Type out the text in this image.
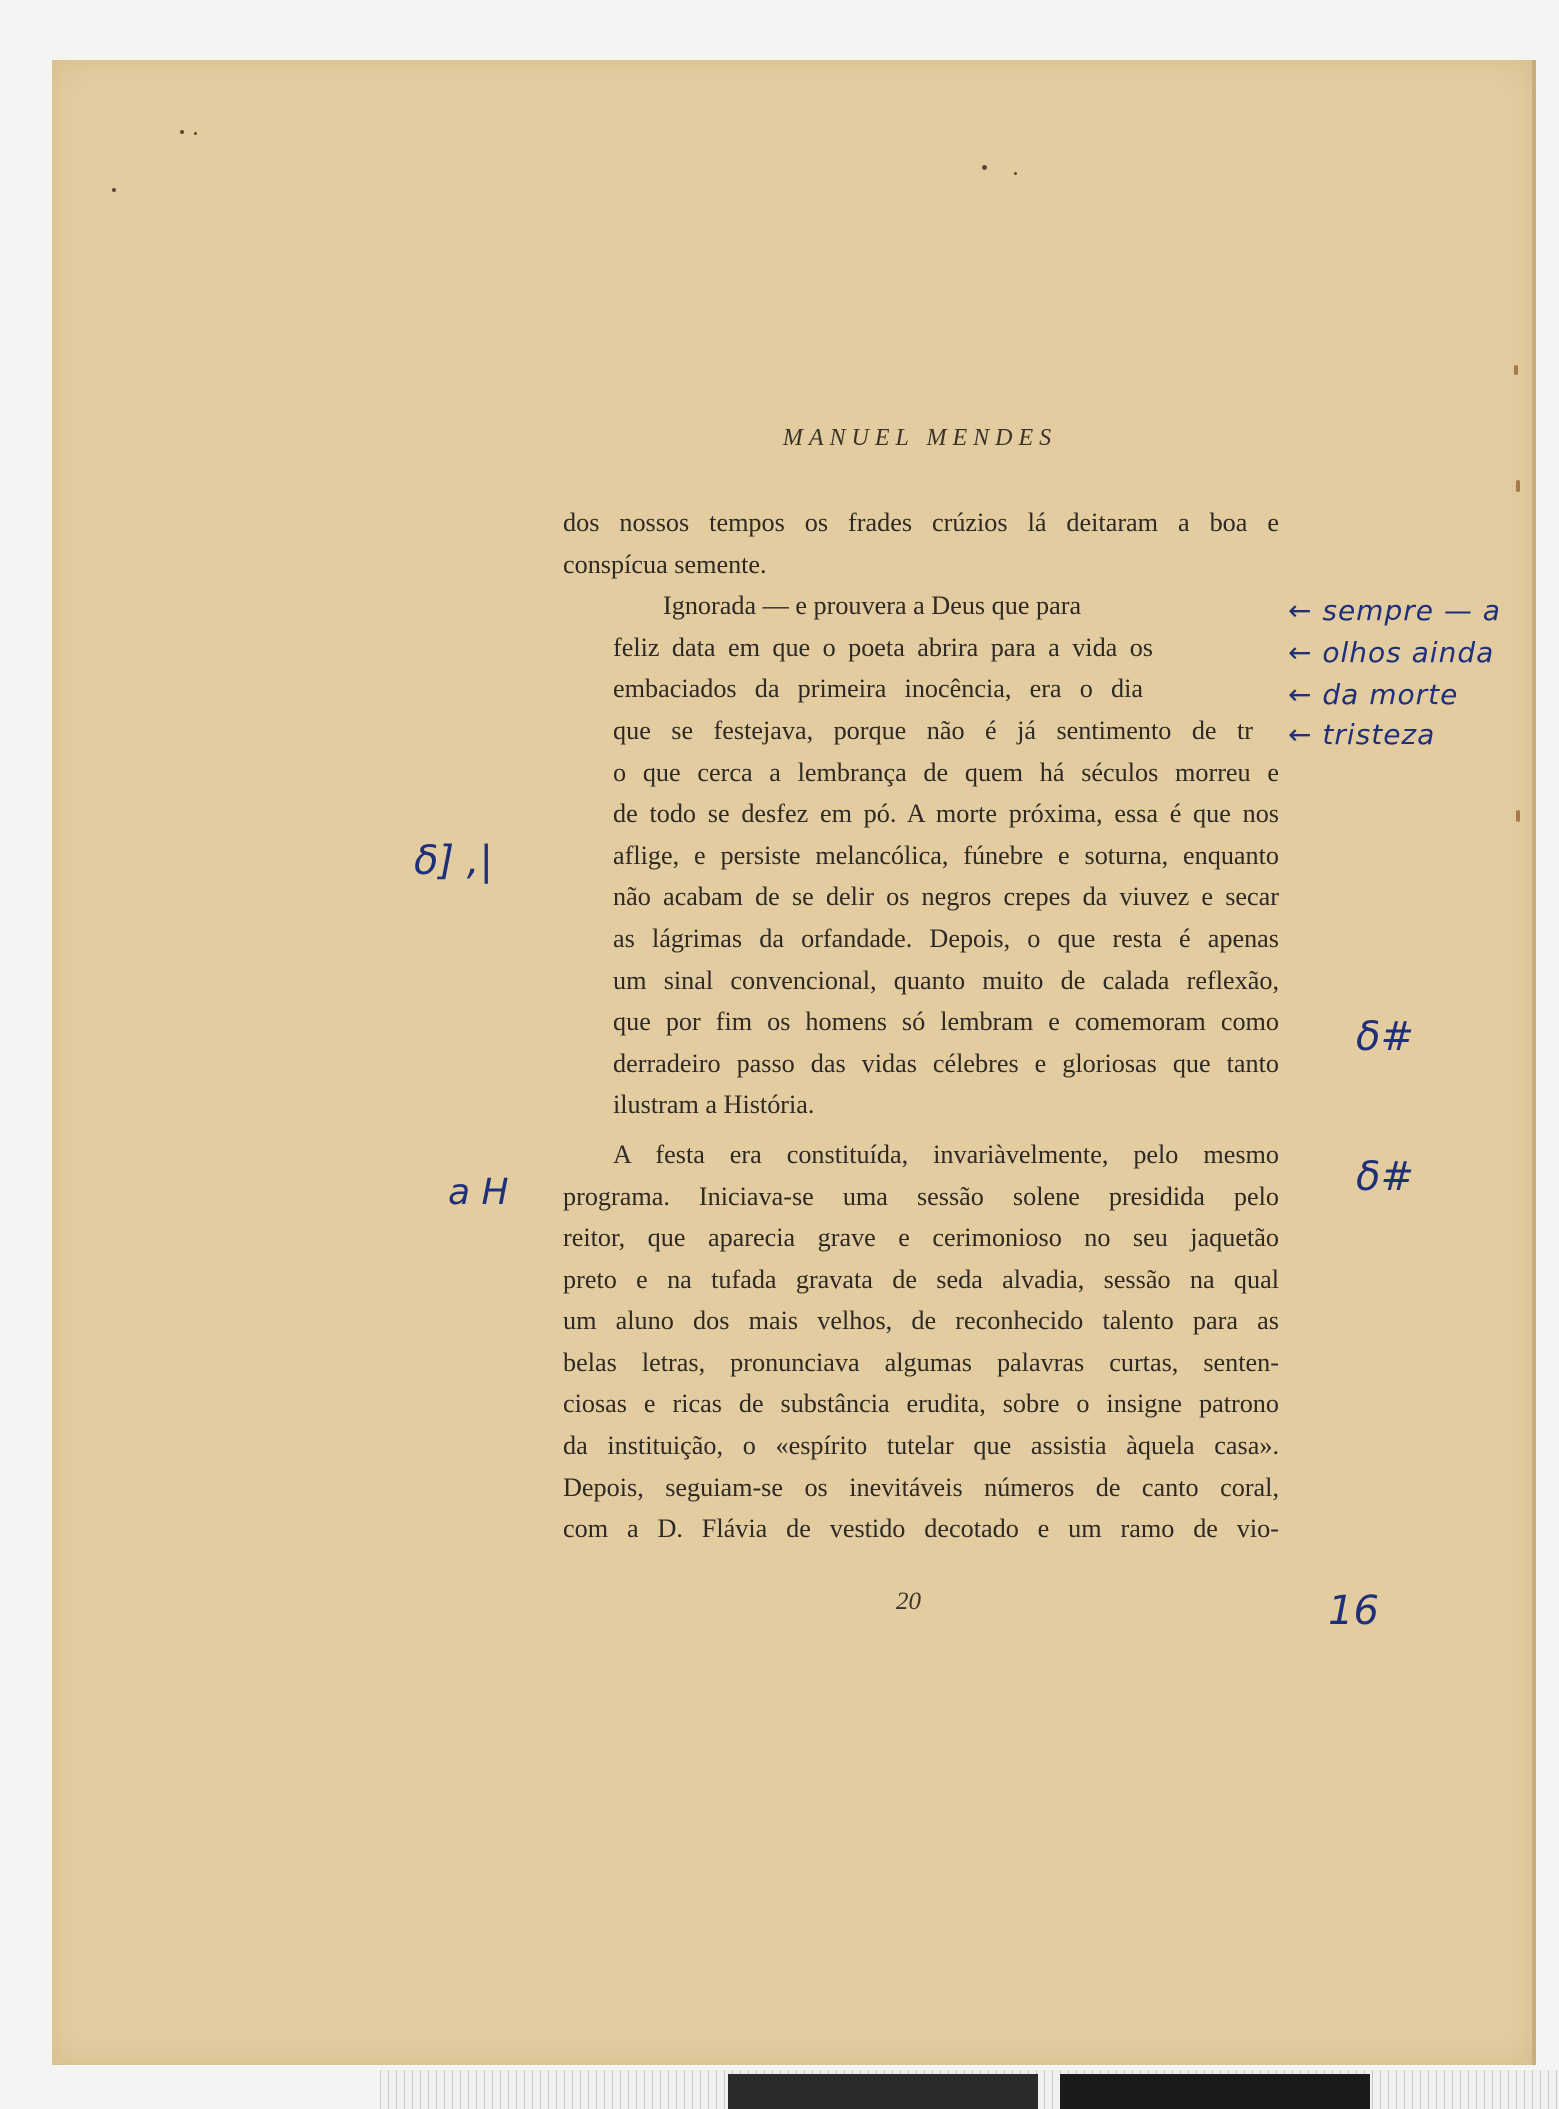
MANUEL MENDES

dos nossos tempos os frades crúzios lá deitaram a boa e
conspícua semente.

Ignorada — e prouvera a Deus que para
feliz data em que o poeta abrira para a vida os
embaciados da primeira inocência, era o dia
que se festejava, porque não é já sentimento de tr
o que cerca a lembrança de quem há séculos morreu e
de todo se desfez em pó. A morte próxima, essa é que nos
aflige, e persiste melancólica, fúnebre e soturna, enquanto
não acabam de se delir os negros crepes da viuvez e secar
as lágrimas da orfandade. Depois, o que resta é apenas
um sinal convencional, quanto muito de calada reflexão,
que por fim os homens só lembram e comemoram como
derradeiro passo das vidas célebres e gloriosas que tanto
ilustram a História.

A festa era constituída, invariàvelmente, pelo mesmo
programa. Iniciava-se uma sessão solene presidida pelo
reitor, que aparecia grave e cerimonioso no seu jaquetão
preto e na tufada gravata de seda alvadia, sessão na qual
um aluno dos mais velhos, de reconhecido talento para as
belas letras, pronunciava algumas palavras curtas, senten-
ciosas e ricas de substância erudita, sobre o insigne patrono
da instituição, o «espírito tutelar que assistia àquela casa».
Depois, seguiam-se os inevitáveis números de canto coral,
com a D. Flávia de vestido decotado e um ramo de vio-

20
← sempre — a
← olhos ainda
← da morte
← tristeza
δ] ,|
a H
δ#
δ#
16
